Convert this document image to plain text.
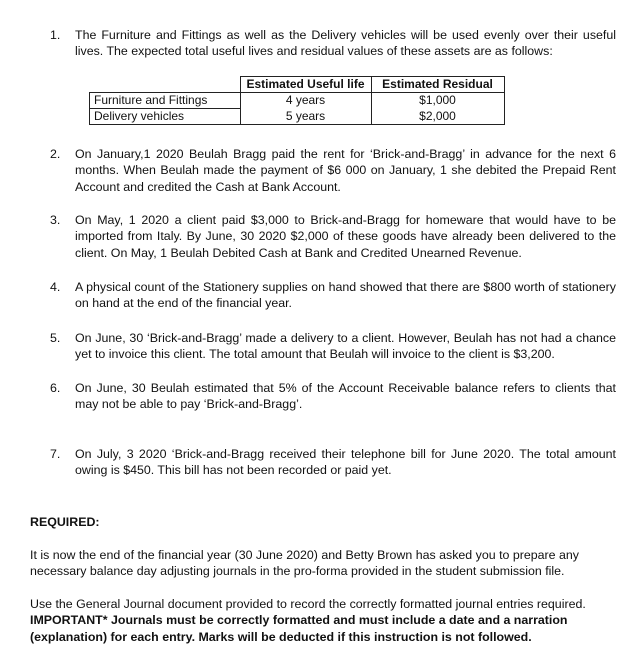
1.	The Furniture and Fittings as well as the Delivery vehicles will be used evenly over their useful lives. The expected total useful lives and residual values of these assets are as follows:
	Estimated Useful life	Estimated Residual
Furniture and Fittings	4 years	$1,000
Delivery vehicles	5 years	$2,000
2.	On January,1 2020 Beulah Bragg paid the rent for ‘Brick-and-Bragg’ in advance for the next 6 months. When Beulah made the payment of $6 000 on January, 1 she debited the Prepaid Rent Account and credited the Cash at Bank Account.
3.	On May, 1 2020 a client paid $3,000 to Brick-and-Bragg for homeware that would have to be imported from Italy. By June, 30 2020 $2,000 of these goods have already been delivered to the client. On May, 1 Beulah Debited Cash at Bank and Credited Unearned Revenue.
4.	A physical count of the Stationery supplies on hand showed that there are $800 worth of stationery on hand at the end of the financial year.
5.	On June, 30 ‘Brick-and-Bragg’ made a delivery to a client. However, Beulah has not had a chance yet to invoice this client. The total amount that Beulah will invoice to the client is $3,200.
6.	On June, 30 Beulah estimated that 5% of the Account Receivable balance refers to clients that may not be able to pay ‘Brick-and-Bragg’.
7.	On July, 3 2020 ‘Brick-and-Bragg received their telephone bill for June 2020. The total amount owing is $450. This bill has not been recorded or paid yet.
REQUIRED:
It is now the end of the financial year (30 June 2020) and Betty Brown has asked you to prepare any necessary balance day adjusting journals in the pro-forma provided in the student submission file.
Use the General Journal document provided to record the correctly formatted journal entries required.
IMPORTANT* Journals must be correctly formatted and must include a date and a narration (explanation) for each entry. Marks will be deducted if this instruction is not followed.
